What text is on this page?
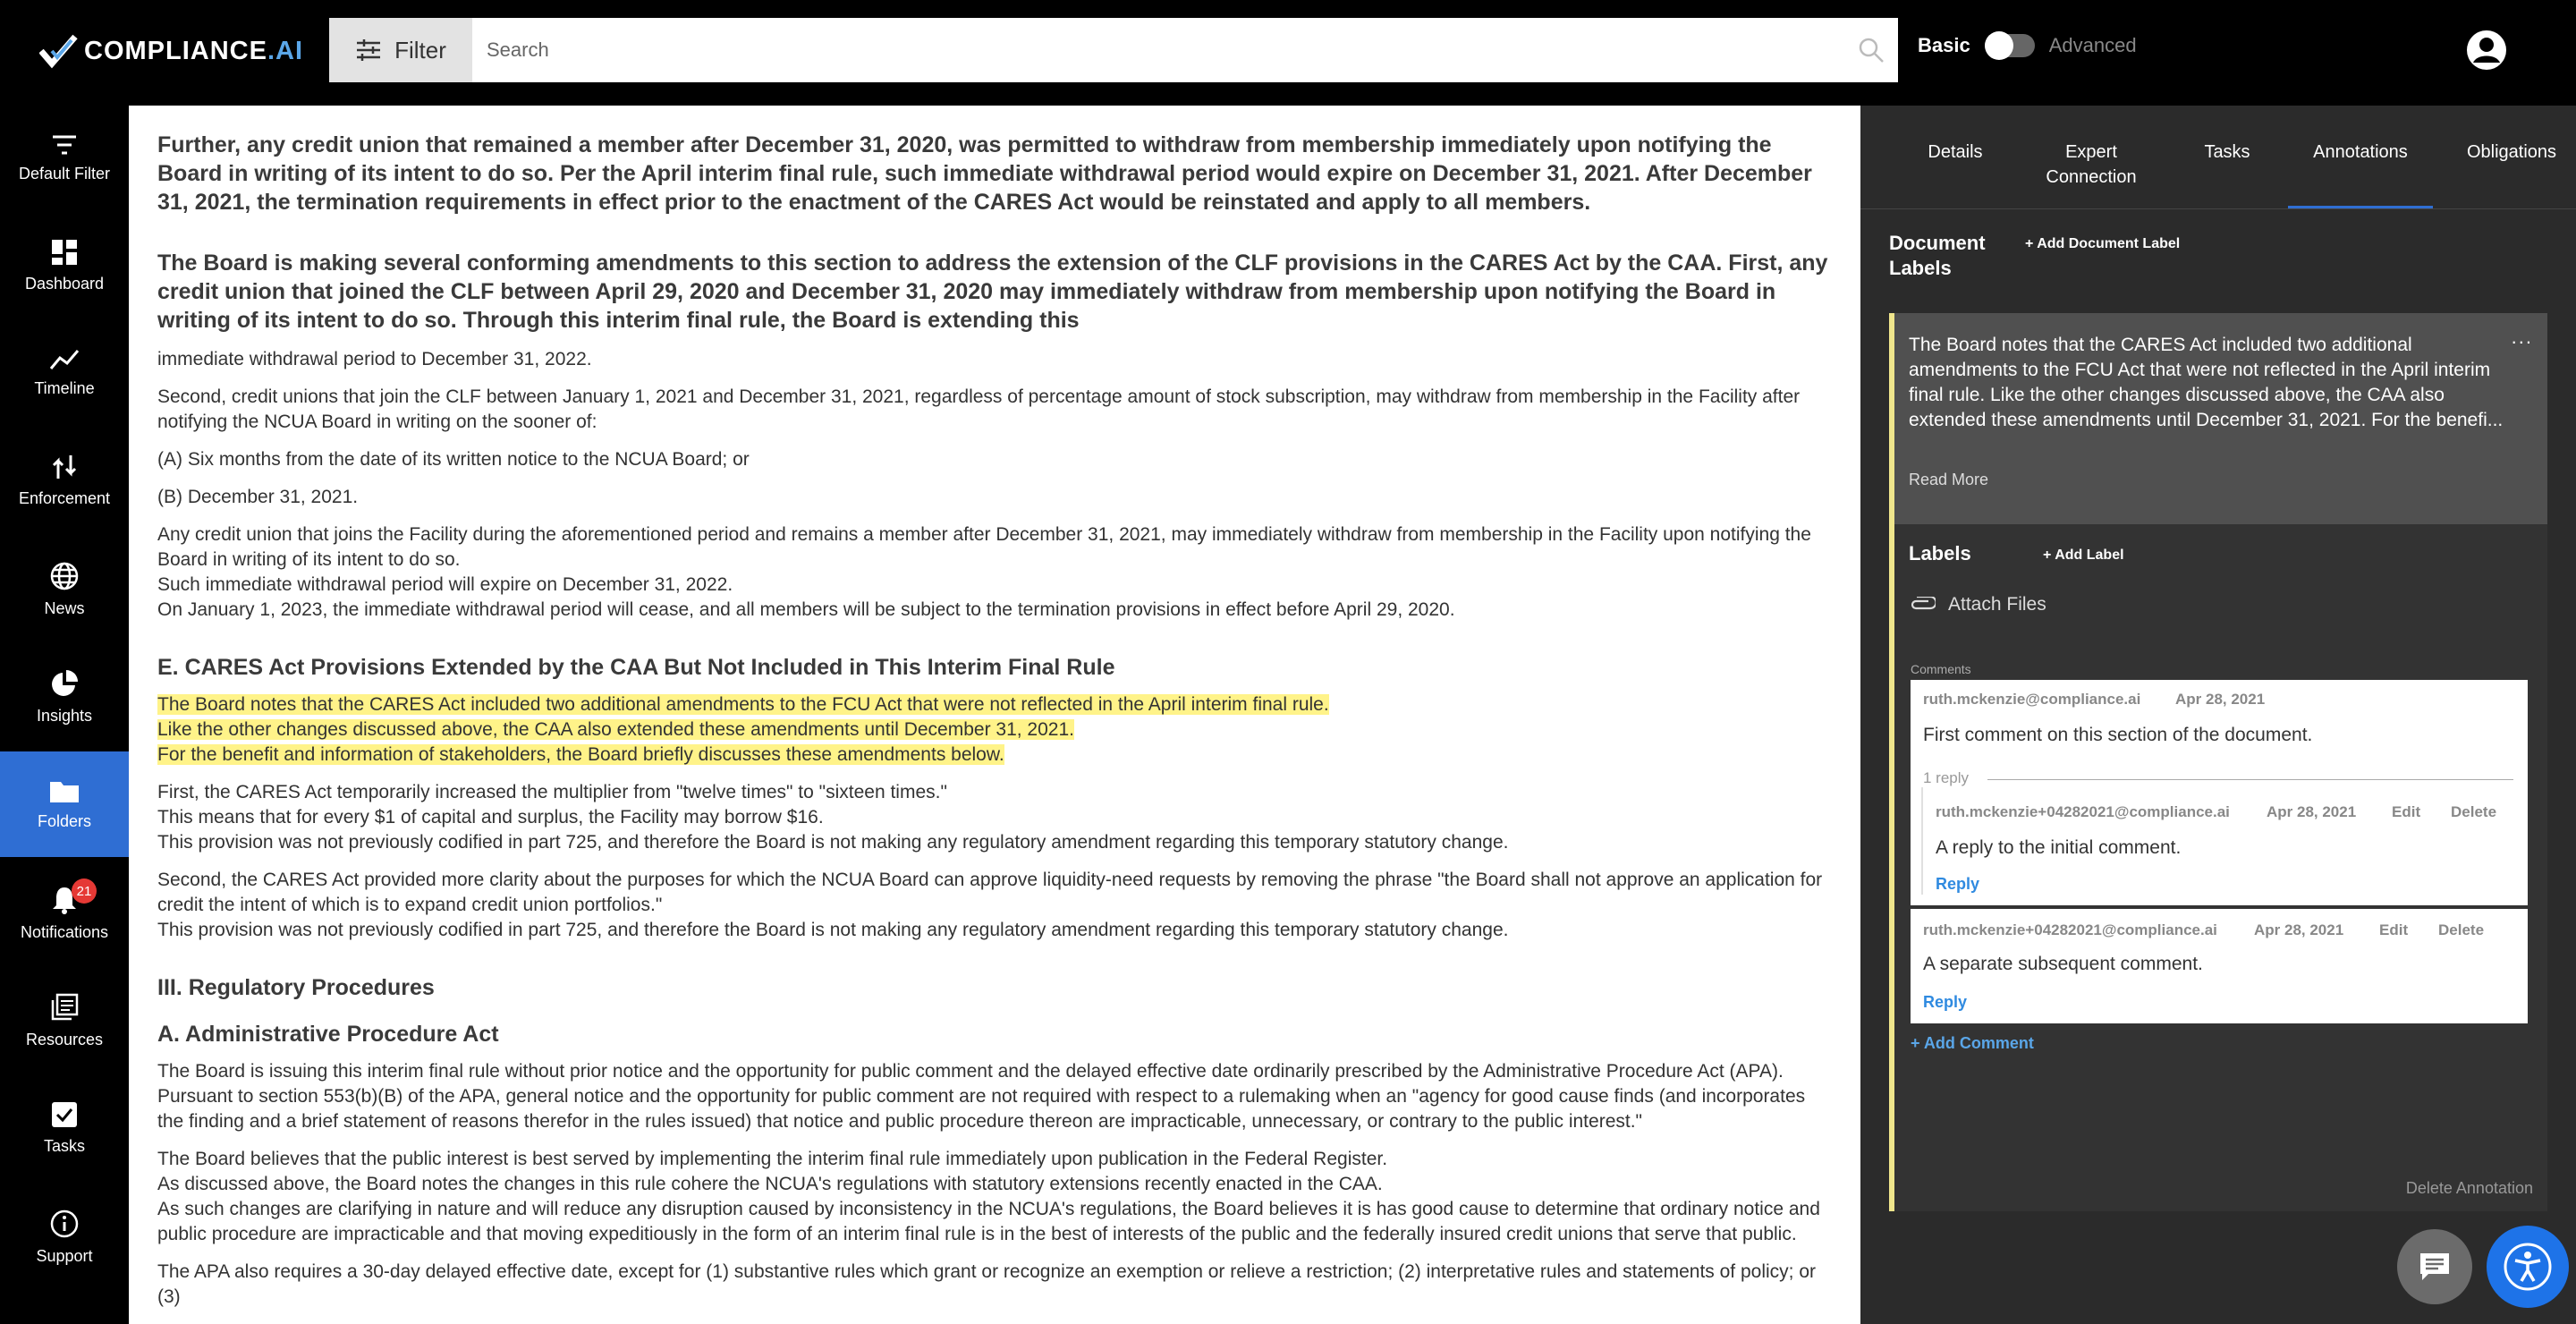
COMPLIANCE .AI	Filter
Search	Basic	Advanced
Default Filter
Dashboard
Timeline
Enforcement
News
Insights
Folders
21
Notifications
Resources
Tasks
Support

Further, any credit union that remained a member after December 31, 2020, was permitted to withdraw from membership immediately upon notifying the Board in writing of its intent to do so. Per the April interim final rule, such immediate withdrawal period would expire on December 31, 2021. After December 31, 2021, the termination requirements in effect prior to the enactment of the CARES Act would be reinstated and apply to all members.

The Board is making several conforming amendments to this section to address the extension of the CLF provisions in the CARES Act by the CAA. First, any credit union that joined the CLF between April 29, 2020 and December 31, 2020 may immediately withdraw from membership upon notifying the Board in writing of its intent to do so. Through this interim final rule, the Board is extending this

immediate withdrawal period to December 31, 2022.

Second, credit unions that join the CLF between January 1, 2021 and December 31, 2021, regardless of percentage amount of stock subscription, may withdraw from membership in the Facility after notifying the NCUA Board in writing on the sooner of:

(A) Six months from the date of its written notice to the NCUA Board; or

(B) December 31, 2021.

Any credit union that joins the Facility during the aforementioned period and remains a member after December 31, 2021, may immediately withdraw from membership in the Facility upon notifying the Board in writing of its intent to do so.
Such immediate withdrawal period will expire on December 31, 2022.
On January 1, 2023, the immediate withdrawal period will cease, and all members will be subject to the termination provisions in effect before April 29, 2020.

E. CARES Act Provisions Extended by the CAA But Not Included in This Interim Final Rule

The Board notes that the CARES Act included two additional amendments to the FCU Act that were not reflected in the April interim final rule.
Like the other changes discussed above, the CAA also extended these amendments until December 31, 2021.
For the benefit and information of stakeholders, the Board briefly discusses these amendments below.

First, the CARES Act temporarily increased the multiplier from "twelve times" to "sixteen times."
This means that for every $1 of capital and surplus, the Facility may borrow $16.
This provision was not previously codified in part 725, and therefore the Board is not making any regulatory amendment regarding this temporary statutory change.

Second, the CARES Act provided more clarity about the purposes for which the NCUA Board can approve liquidity-need requests by removing the phrase "the Board shall not approve an application for credit the intent of which is to expand credit union portfolios."
This provision was not previously codified in part 725, and therefore the Board is not making any regulatory amendment regarding this temporary statutory change.

III. Regulatory Procedures
A. Administrative Procedure Act

The Board is issuing this interim final rule without prior notice and the opportunity for public comment and the delayed effective date ordinarily prescribed by the Administrative Procedure Act (APA).
Pursuant to section 553(b)(B) of the APA, general notice and the opportunity for public comment are not required with respect to a rulemaking when an "agency for good cause finds (and incorporates the finding and a brief statement of reasons therefor in the rules issued) that notice and public procedure thereon are impracticable, unnecessary, or contrary to the public interest."

The Board believes that the public interest is best served by implementing the interim final rule immediately upon publication in the Federal Register.
As discussed above, the Board notes the changes in this rule cohere the NCUA's regulations with statutory extensions recently enacted in the CAA.
As such changes are clarifying in nature and will reduce any disruption caused by inconsistency in the NCUA's regulations, the Board believes it is has good cause to determine that ordinary notice and public procedure are impracticable and that moving expeditiously in the form of an interim final rule is in the best of interests of the public and the federally insured credit unions that serve that public.

The APA also requires a 30-day delayed effective date, except for (1) substantive rules which grant or recognize an exemption or relieve a restriction; (2) interpretative rules and statements of policy; or (3)

Details	Expert Connection
Tasks	Annotations	Obligations
Document Labels
+ Add Document Label
The Board notes that the CARES Act included two additional amendments to the FCU Act that were not reflected in the April interim final rule. Like the other changes discussed above, the CAA also extended these amendments until December 31, 2021. For the benefi...
...
Read More
Labels	+ Add Label
Attach Files
Comments
ruth.mckenzie@compliance.ai Apr 28, 2021
First comment on this section of the document.
1 reply
ruth.mckenzie+04282021@compliance.ai Apr 28, 2021 Edit Delete
A reply to the initial comment.
Reply
ruth.mckenzie+04282021@compliance.ai Apr 28, 2021 Edit Delete
A separate subsequent comment.
Reply
+ Add Comment
Delete Annotation
